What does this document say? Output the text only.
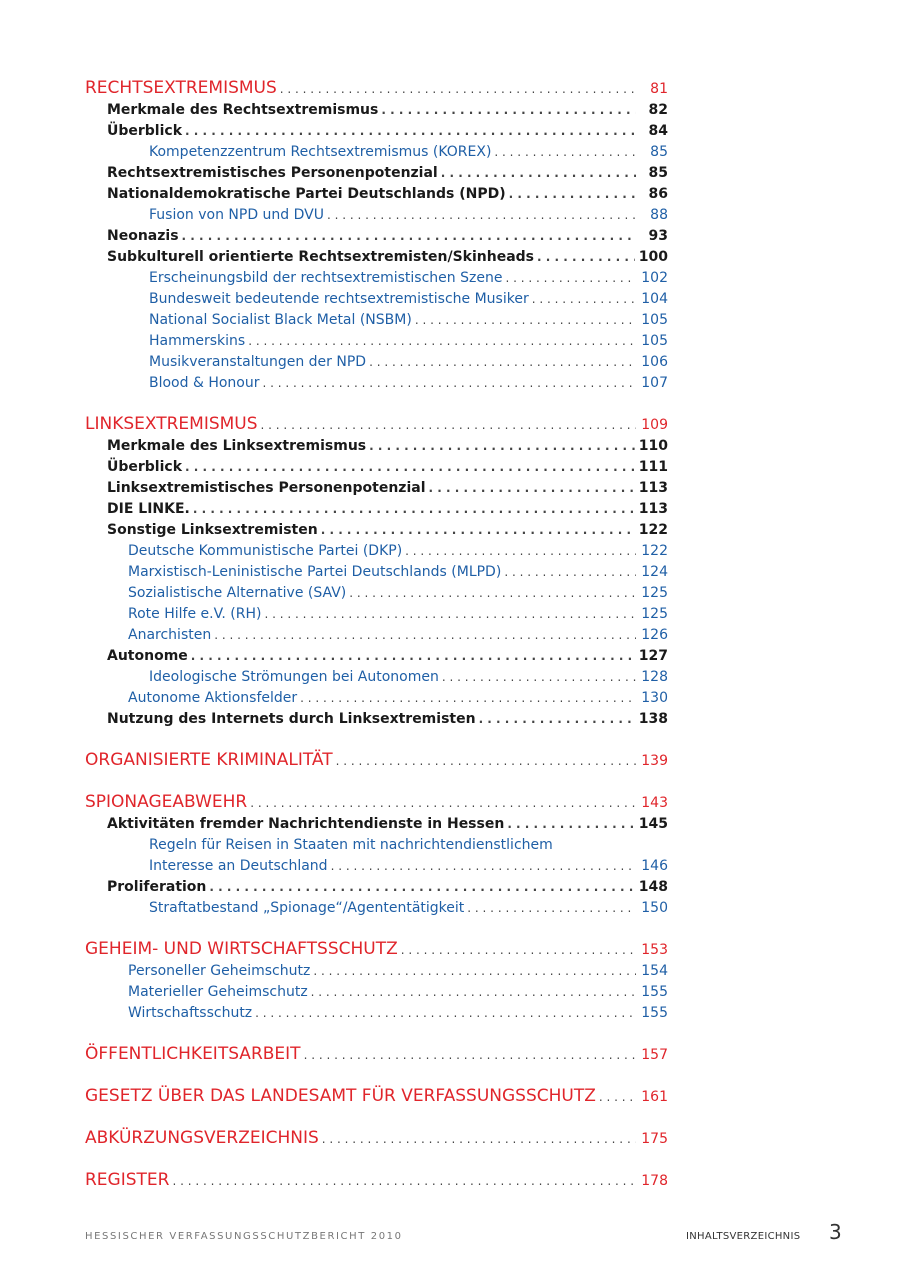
RECHTSEXTREMISMUS . . .	81
Merkmale des Rechtsextremismus . . .	82
Überblick . . .	84
Kompetenzzentrum Rechtsextremismus (KOREX) . . .	85
Rechtsextremistisches Personenpotenzial . . .	85
Nationaldemokratische Partei Deutschlands (NPD) . . .	86
Fusion von NPD und DVU . . .	88
Neonazis . . .	93
Subkulturell orientierte Rechtsextremisten/Skinheads . . .	100
Erscheinungsbild der rechtsextremistischen Szene . . .	102
Bundesweit bedeutende rechtsextremistische Musiker . . .	104
National Socialist Black Metal (NSBM) . . .	105
Hammerskins . . .	105
Musikveranstaltungen der NPD . . .	106
Blood & Honour . . .	107
LINKSEXTREMISMUS . . .	109
Merkmale des Linksextremismus . . .	110
Überblick . . .	111
Linksextremistisches Personenpotenzial . . .	113
DIE LINKE. . . .	113
Sonstige Linksextremisten . . .	122
Deutsche Kommunistische Partei (DKP) . . .	122
Marxistisch-Leninistische Partei Deutschlands (MLPD) . . .	124
Sozialistische Alternative (SAV) . . .	125
Rote Hilfe e.V. (RH) . . .	125
Anarchisten . . .	126
Autonome . . .	127
Ideologische Strömungen bei Autonomen . . .	128
Autonome Aktionsfelder . . .	130
Nutzung des Internets durch Linksextremisten . . .	138
ORGANISIERTE KRIMINALITÄT . . .	139
SPIONAGEABWEHR . . .	143
Aktivitäten fremder Nachrichtendienste in Hessen . . .	145
Regeln für Reisen in Staaten mit nachrichtendienstlichem
Interesse an Deutschland . . .	146
Proliferation . . .	148
Straftatbestand „Spionage“/Agententätigkeit . . .	150
GEHEIM- UND WIRTSCHAFTSSCHUTZ . . .	153
Personeller Geheimschutz . . .	154
Materieller Geheimschutz . . .	155
Wirtschaftsschutz . . .	155
ÖFFENTLICHKEITSARBEIT . . .	157
GESETZ ÜBER DAS LANDESAMT FÜR VERFASSUNGSSCHUTZ . . .	161
ABKÜRZUNGSVERZEICHNIS . . .	175
REGISTER . . .	178
HESSISCHER VERFASSUNGSSCHUTZBERICHT 2010	INHALTSVERZEICHNIS 3
